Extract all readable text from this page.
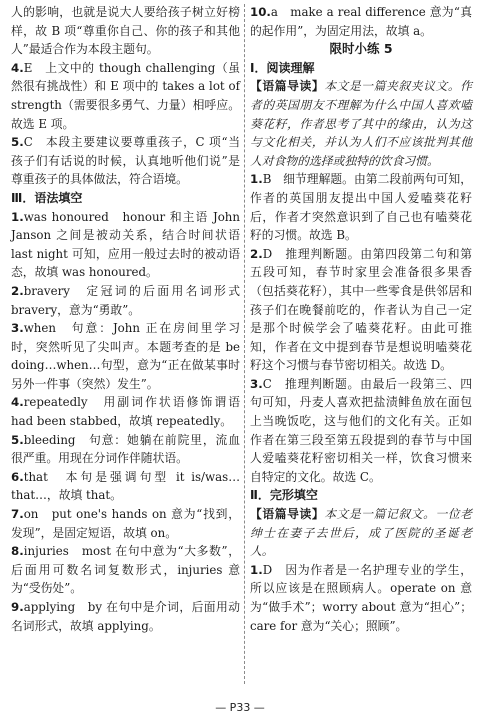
人的影响，也就是说大人要给孩子树立好榜样，故 B 项“尊重你自己、你的孩子和其他人”最适合作为本段主题句。

4.E　上文中的 though challenging（虽然很有挑战性）和 E 项中的 takes a lot of strength（需要很多勇气、力量）相呼应。故选 E 项。

5.C　本段主要建议要尊重孩子，C 项“当孩子们有话说的时候，认真地听他们说”是尊重孩子的具体做法，符合语境。

Ⅲ．语法填空

1.was honoured　honour 和主语 John Janson 之间是被动关系，结合时间状语 last night 可知，应用一般过去时的被动语态，故填 was honoured。

2.bravery　定冠词的后面用名词形式 bravery，意为“勇敢”。

3.when　句意：John 正在房间里学习时，突然听见了尖叫声。本题考查的是 be doing…when…句型，意为“正在做某事时另外一件事（突然）发生”。

4.repeatedly　用副词作状语修饰谓语 had been stabbed，故填 repeatedly。

5.bleeding　句意：她躺在前院里，流血很严重。用现在分词作伴随状语。

6.that　本句是强调句型 it is/was…that…，故填 that。

7.on　put one's hands on 意为“找到，发现”，是固定短语，故填 on。

8.injuries　most 在句中意为“大多数”，后面用可数名词复数形式，injuries 意为“受伤处”。

9.applying　by 在句中是介词，后面用动名词形式，故填 applying。

10.a　make a real difference 意为“真的起作用”，为固定用法，故填 a。

限时小练 5

Ⅰ．阅读理解

【语篇导读】本文是一篇夹叙夹议文。作者的英国朋友不理解为什么中国人喜欢嗑葵花籽，作者思考了其中的缘由，认为这与文化相关，并认为人们不应该批判其他人对食物的选择或独特的饮食习惯。

1.B　细节理解题。由第二段前两句可知，作者的英国朋友提出中国人爱嗑葵花籽后，作者才突然意识到了自己也有嗑葵花籽的习惯。故选 B。

2.D　推理判断题。由第四段第二句和第五段可知，春节时家里会准备很多果香（包括葵花籽），其中一些零食是供邻居和孩子们在晚餐前吃的，作者认为自己一定是那个时候学会了嗑葵花籽。由此可推知，作者在文中提到春节是想说明嗑葵花籽这个习惯与春节密切相关。故选 D。

3.C　推理判断题。由最后一段第三、四句可知，丹麦人喜欢把盐渍鲱鱼放在面包上当晚饭吃，这与他们的文化有关。正如作者在第三段至第五段提到的春节与中国人爱嗑葵花籽密切相关一样，饮食习惯来自特定的文化。故选 C。

Ⅱ．完形填空

【语篇导读】本文是一篇记叙文。一位老绅士在妻子去世后，成了医院的圣诞老人。

1.D　因为作者是一名护理专业的学生，所以应该是在照顾病人。operate on 意为“做手术”；worry about 意为“担心”；care for 意为“关心；照顾”。

— P33 —
